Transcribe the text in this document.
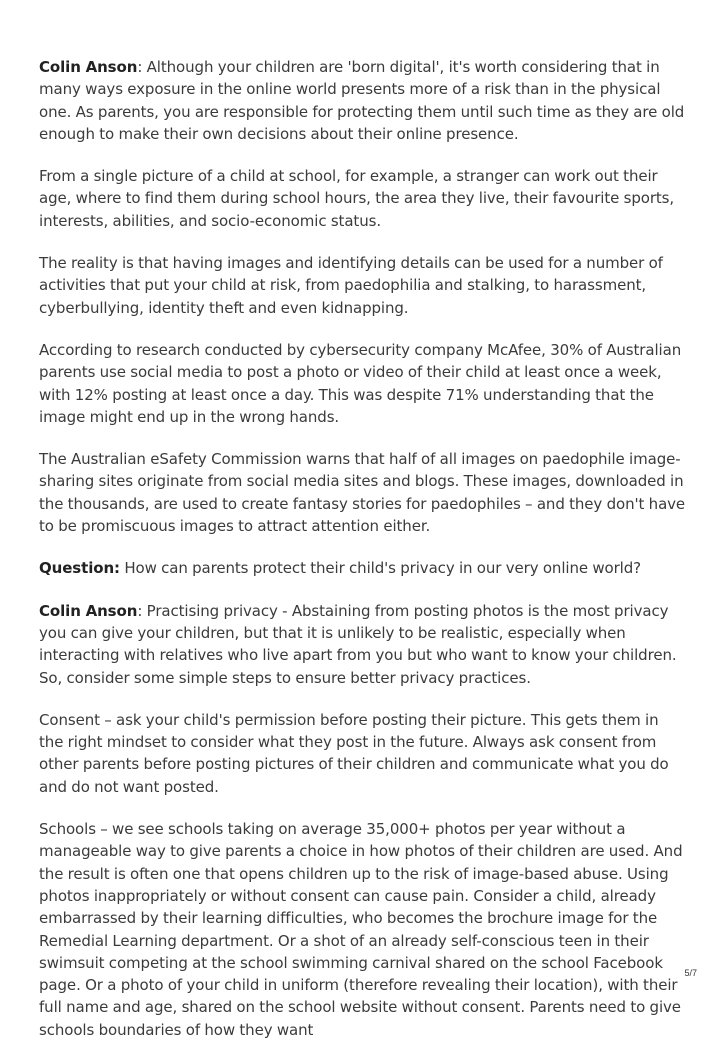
Colin Anson: Although your children are 'born digital', it's worth considering that in many ways exposure in the online world presents more of a risk than in the physical one. As parents, you are responsible for protecting them until such time as they are old enough to make their own decisions about their online presence.

From a single picture of a child at school, for example, a stranger can work out their age, where to find them during school hours, the area they live, their favourite sports, interests, abilities, and socio-economic status.

The reality is that having images and identifying details can be used for a number of activities that put your child at risk, from paedophilia and stalking, to harassment, cyberbullying, identity theft and even kidnapping.

According to research conducted by cybersecurity company McAfee, 30% of Australian parents use social media to post a photo or video of their child at least once a week, with 12% posting at least once a day. This was despite 71% understanding that the image might end up in the wrong hands.

The Australian eSafety Commission warns that half of all images on paedophile image-sharing sites originate from social media sites and blogs. These images, downloaded in the thousands, are used to create fantasy stories for paedophiles – and they don't have to be promiscuous images to attract attention either.

Question: How can parents protect their child's privacy in our very online world?

Colin Anson: Practising privacy - Abstaining from posting photos is the most privacy you can give your children, but that it is unlikely to be realistic, especially when interacting with relatives who live apart from you but who want to know your children. So, consider some simple steps to ensure better privacy practices.

Consent – ask your child's permission before posting their picture. This gets them in the right mindset to consider what they post in the future. Always ask consent from other parents before posting pictures of their children and communicate what you do and do not want posted.

Schools – we see schools taking on average 35,000+ photos per year without a manageable way to give parents a choice in how photos of their children are used. And the result is often one that opens children up to the risk of image-based abuse. Using photos inappropriately or without consent can cause pain. Consider a child, already embarrassed by their learning difficulties, who becomes the brochure image for the Remedial Learning department. Or a shot of an already self-conscious teen in their swimsuit competing at the school swimming carnival shared on the school Facebook page. Or a photo of your child in uniform (therefore revealing their location), with their full name and age, shared on the school website without consent. Parents need to give schools boundaries of how they want

5/7
